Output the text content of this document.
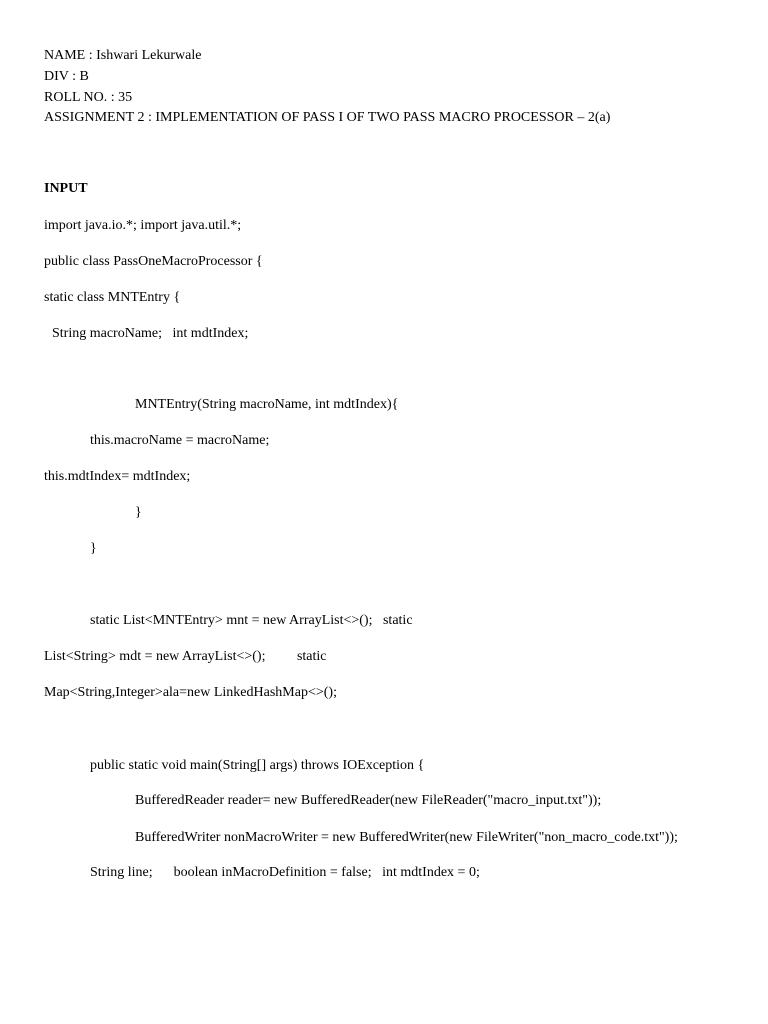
NAME : Ishwari Lekurwale
DIV : B
ROLL NO. : 35
ASSIGNMENT 2 : IMPLEMENTATION OF PASS I OF TWO PASS MACRO PROCESSOR – 2(a)
INPUT
import java.io.*; import java.util.*;
public class PassOneMacroProcessor {
static class MNTEntry {
String macroName;   int mdtIndex;
MNTEntry(String macroName, int mdtIndex){
this.macroName = macroName;
this.mdtIndex= mdtIndex;
}
}
static List<MNTEntry> mnt = new ArrayList<>();   static
List<String> mdt = new ArrayList<>();         static
Map<String,Integer>ala=new LinkedHashMap<>();
public static void main(String[] args) throws IOException {
BufferedReader reader= new BufferedReader(new FileReader("macro_input.txt"));
BufferedWriter nonMacroWriter = new BufferedWriter(new FileWriter("non_macro_code.txt"));
String line;      boolean inMacroDefinition = false;   int mdtIndex = 0;
